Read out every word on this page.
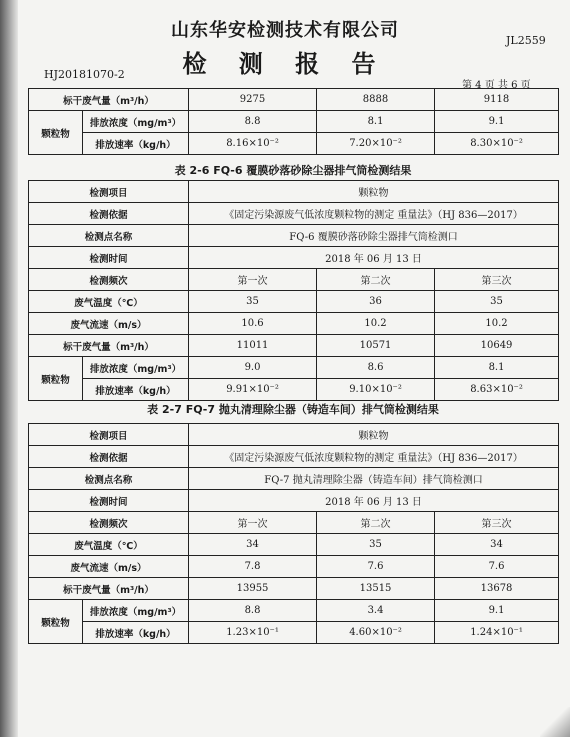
山东华安检测技术有限公司
检 测 报 告
JL2559
HJ20181070-2
第 4 页 共 6 页
标干废气量（m³/h）		9275	8888	9118
颗粒物	排放浓度（mg/m³）	8.8	8.1	9.1
	排放速率（kg/h）	8.16×10⁻²	7.20×10⁻²	8.30×10⁻²
表 2-6 FQ-6 覆膜砂落砂除尘器排气筒检测结果
检测项目		颗粒物		
检测依据		《固定污染源废气低浓度颗粒物的测定 重量法》（HJ 836—2017）		
检测点名称		FQ-6 覆膜砂落砂除尘器排气筒检测口		
检测时间		2018 年 06 月 13 日		
检测频次		第一次	第二次	第三次
废气温度（℃）		35	36	35
废气流速（m/s）		10.6	10.2	10.2
标干废气量（m³/h）		11011	10571	10649
颗粒物	排放浓度（mg/m³）	9.0	8.6	8.1
	排放速率（kg/h）	9.91×10⁻²	9.10×10⁻²	8.63×10⁻²
表 2-7 FQ-7 抛丸清理除尘器（铸造车间）排气筒检测结果
检测项目		颗粒物		
检测依据		《固定污染源废气低浓度颗粒物的测定 重量法》（HJ 836—2017）		
检测点名称		FQ-7 抛丸清理除尘器（铸造车间）排气筒检测口		
检测时间		2018 年 06 月 13 日		
检测频次		第一次	第二次	第三次
废气温度（℃）		34	35	34
废气流速（m/s）		7.8	7.6	7.6
标干废气量（m³/h）		13955	13515	13678
颗粒物	排放浓度（mg/m³）	8.8	3.4	9.1
	排放速率（kg/h）	1.23×10⁻¹	4.60×10⁻²	1.24×10⁻¹
